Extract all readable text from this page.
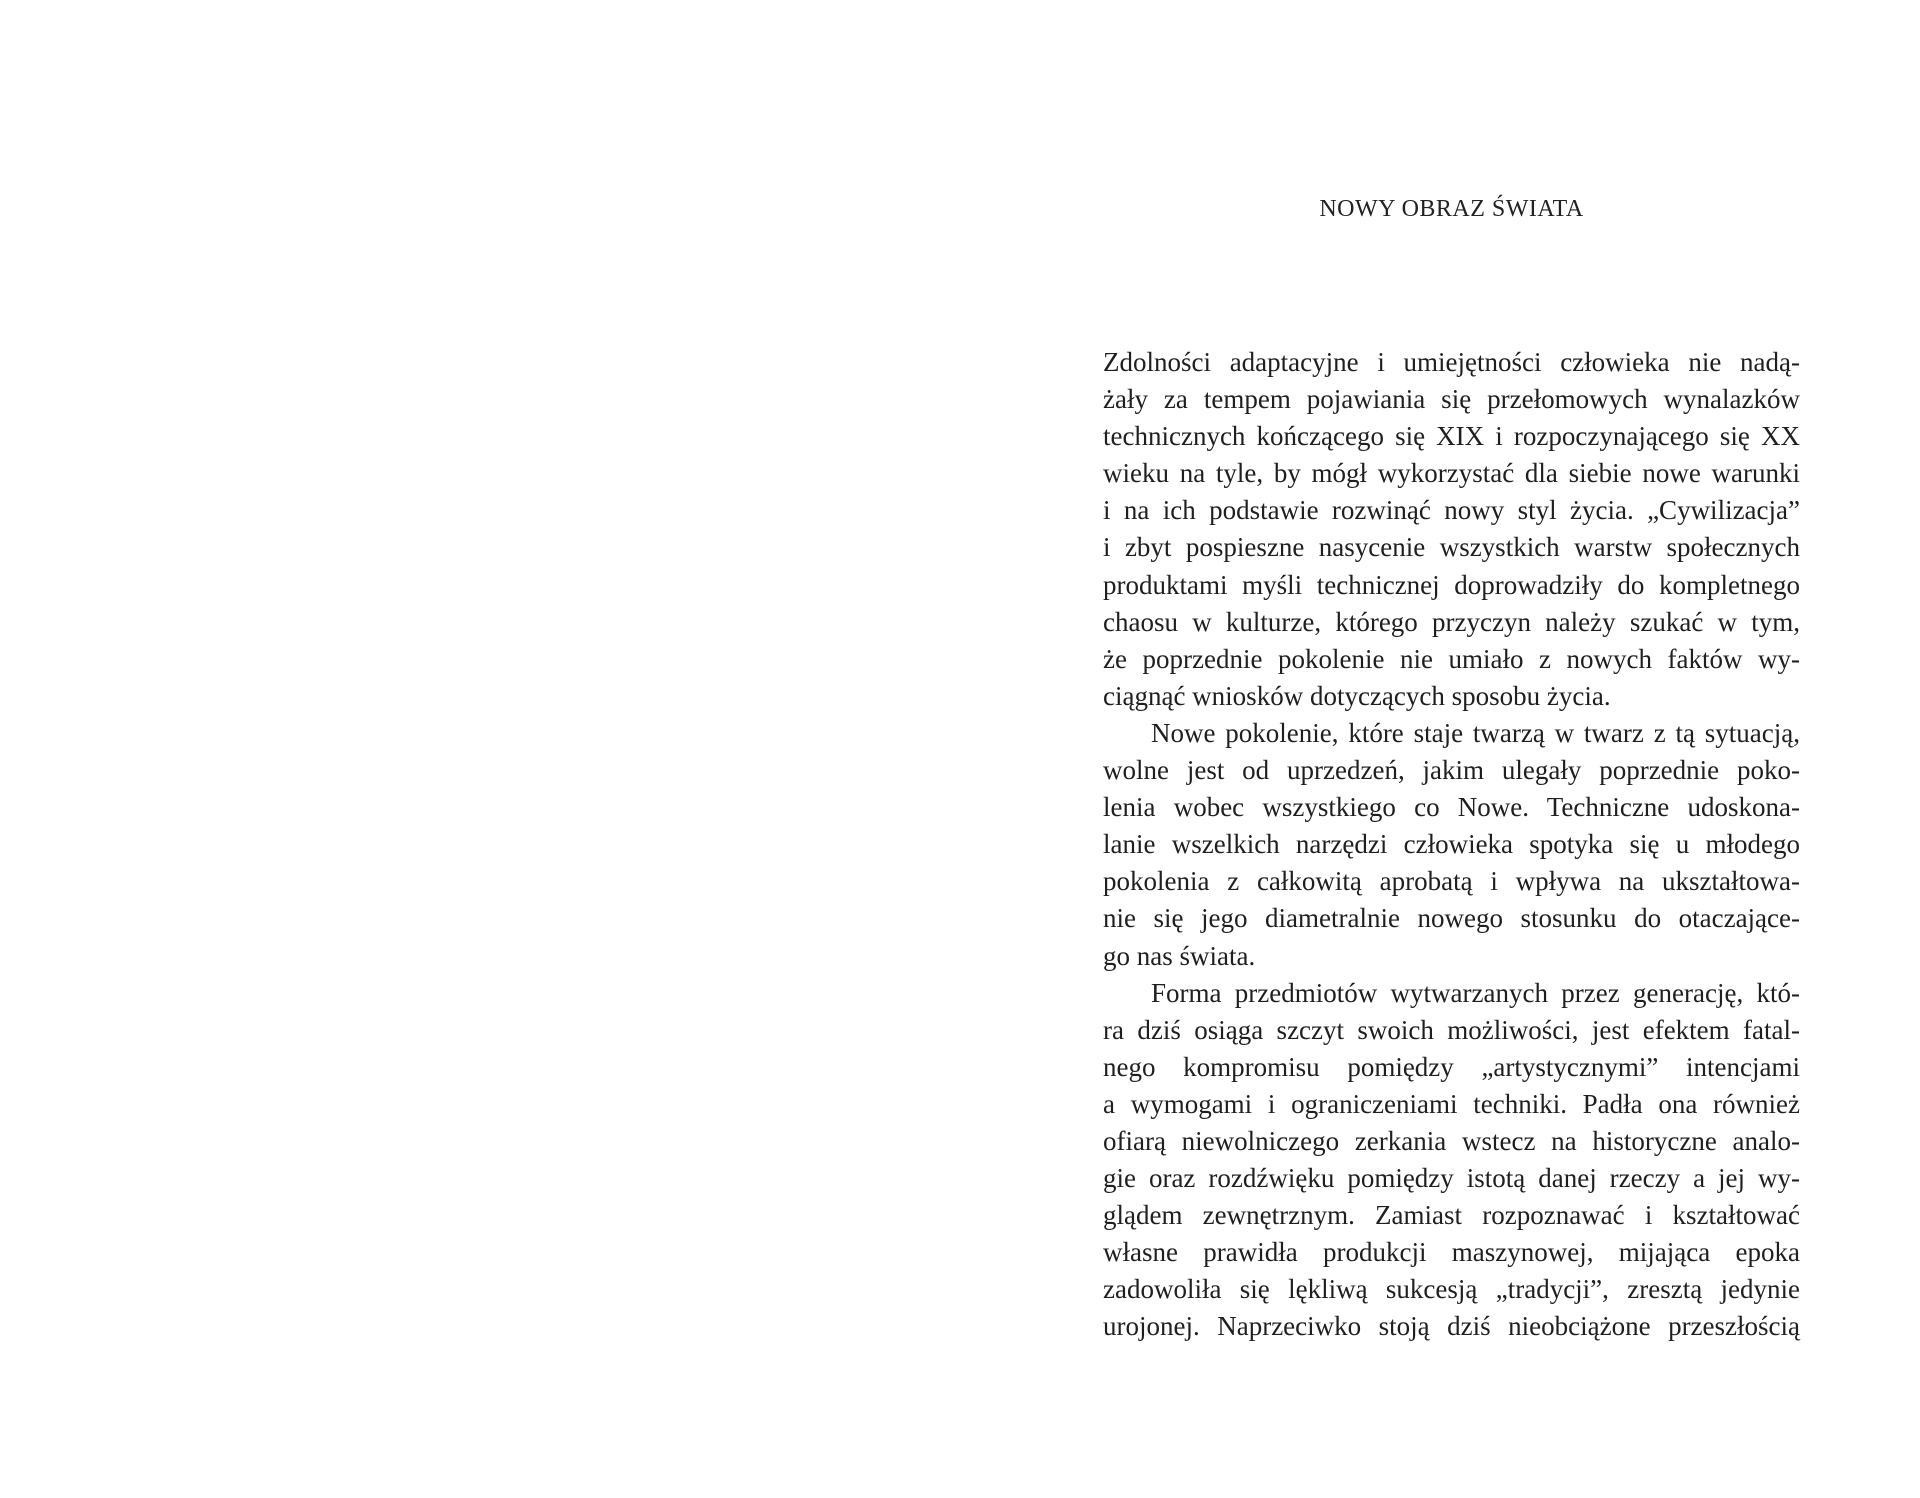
NOWY OBRAZ ŚWIATA
Zdolności adaptacyjne i umiejętności człowieka nie nadą-
żały za tempem pojawiania się przełomowych wynalazków
technicznych kończącego się XIX i rozpoczynającego się XX
wieku na tyle, by mógł wykorzystać dla siebie nowe warunki
i na ich podstawie rozwinąć nowy styl życia. „Cywilizacja”
i zbyt pospieszne nasycenie wszystkich warstw społecznych
produktami myśli technicznej doprowadziły do kompletnego
chaosu w kulturze, którego przyczyn należy szukać w tym,
że poprzednie pokolenie nie umiało z nowych faktów wy-
ciągnąć wniosków dotyczących sposobu życia.
Nowe pokolenie, które staje twarzą w twarz z tą sytuacją,
wolne jest od uprzedzeń, jakim ulegały poprzednie poko-
lenia wobec wszystkiego co Nowe. Techniczne udoskona-
lanie wszelkich narzędzi człowieka spotyka się u młodego
pokolenia z całkowitą aprobatą i wpływa na ukształtowa-
nie się jego diametralnie nowego stosunku do otaczające-
go nas świata.
Forma przedmiotów wytwarzanych przez generację, któ-
ra dziś osiąga szczyt swoich możliwości, jest efektem fatal-
nego kompromisu pomiędzy „artystycznymi” intencjami
a wymogami i ograniczeniami techniki. Padła ona również
ofiarą niewolniczego zerkania wstecz na historyczne analo-
gie oraz rozdźwięku pomiędzy istotą danej rzeczy a jej wy-
glądem zewnętrznym. Zamiast rozpoznawać i kształtować
własne prawidła produkcji maszynowej, mijająca epoka
zadowoliła się lękliwą sukcesją „tradycji”, zresztą jedynie
urojonej. Naprzeciwko stoją dziś nieobciążone przeszłością
